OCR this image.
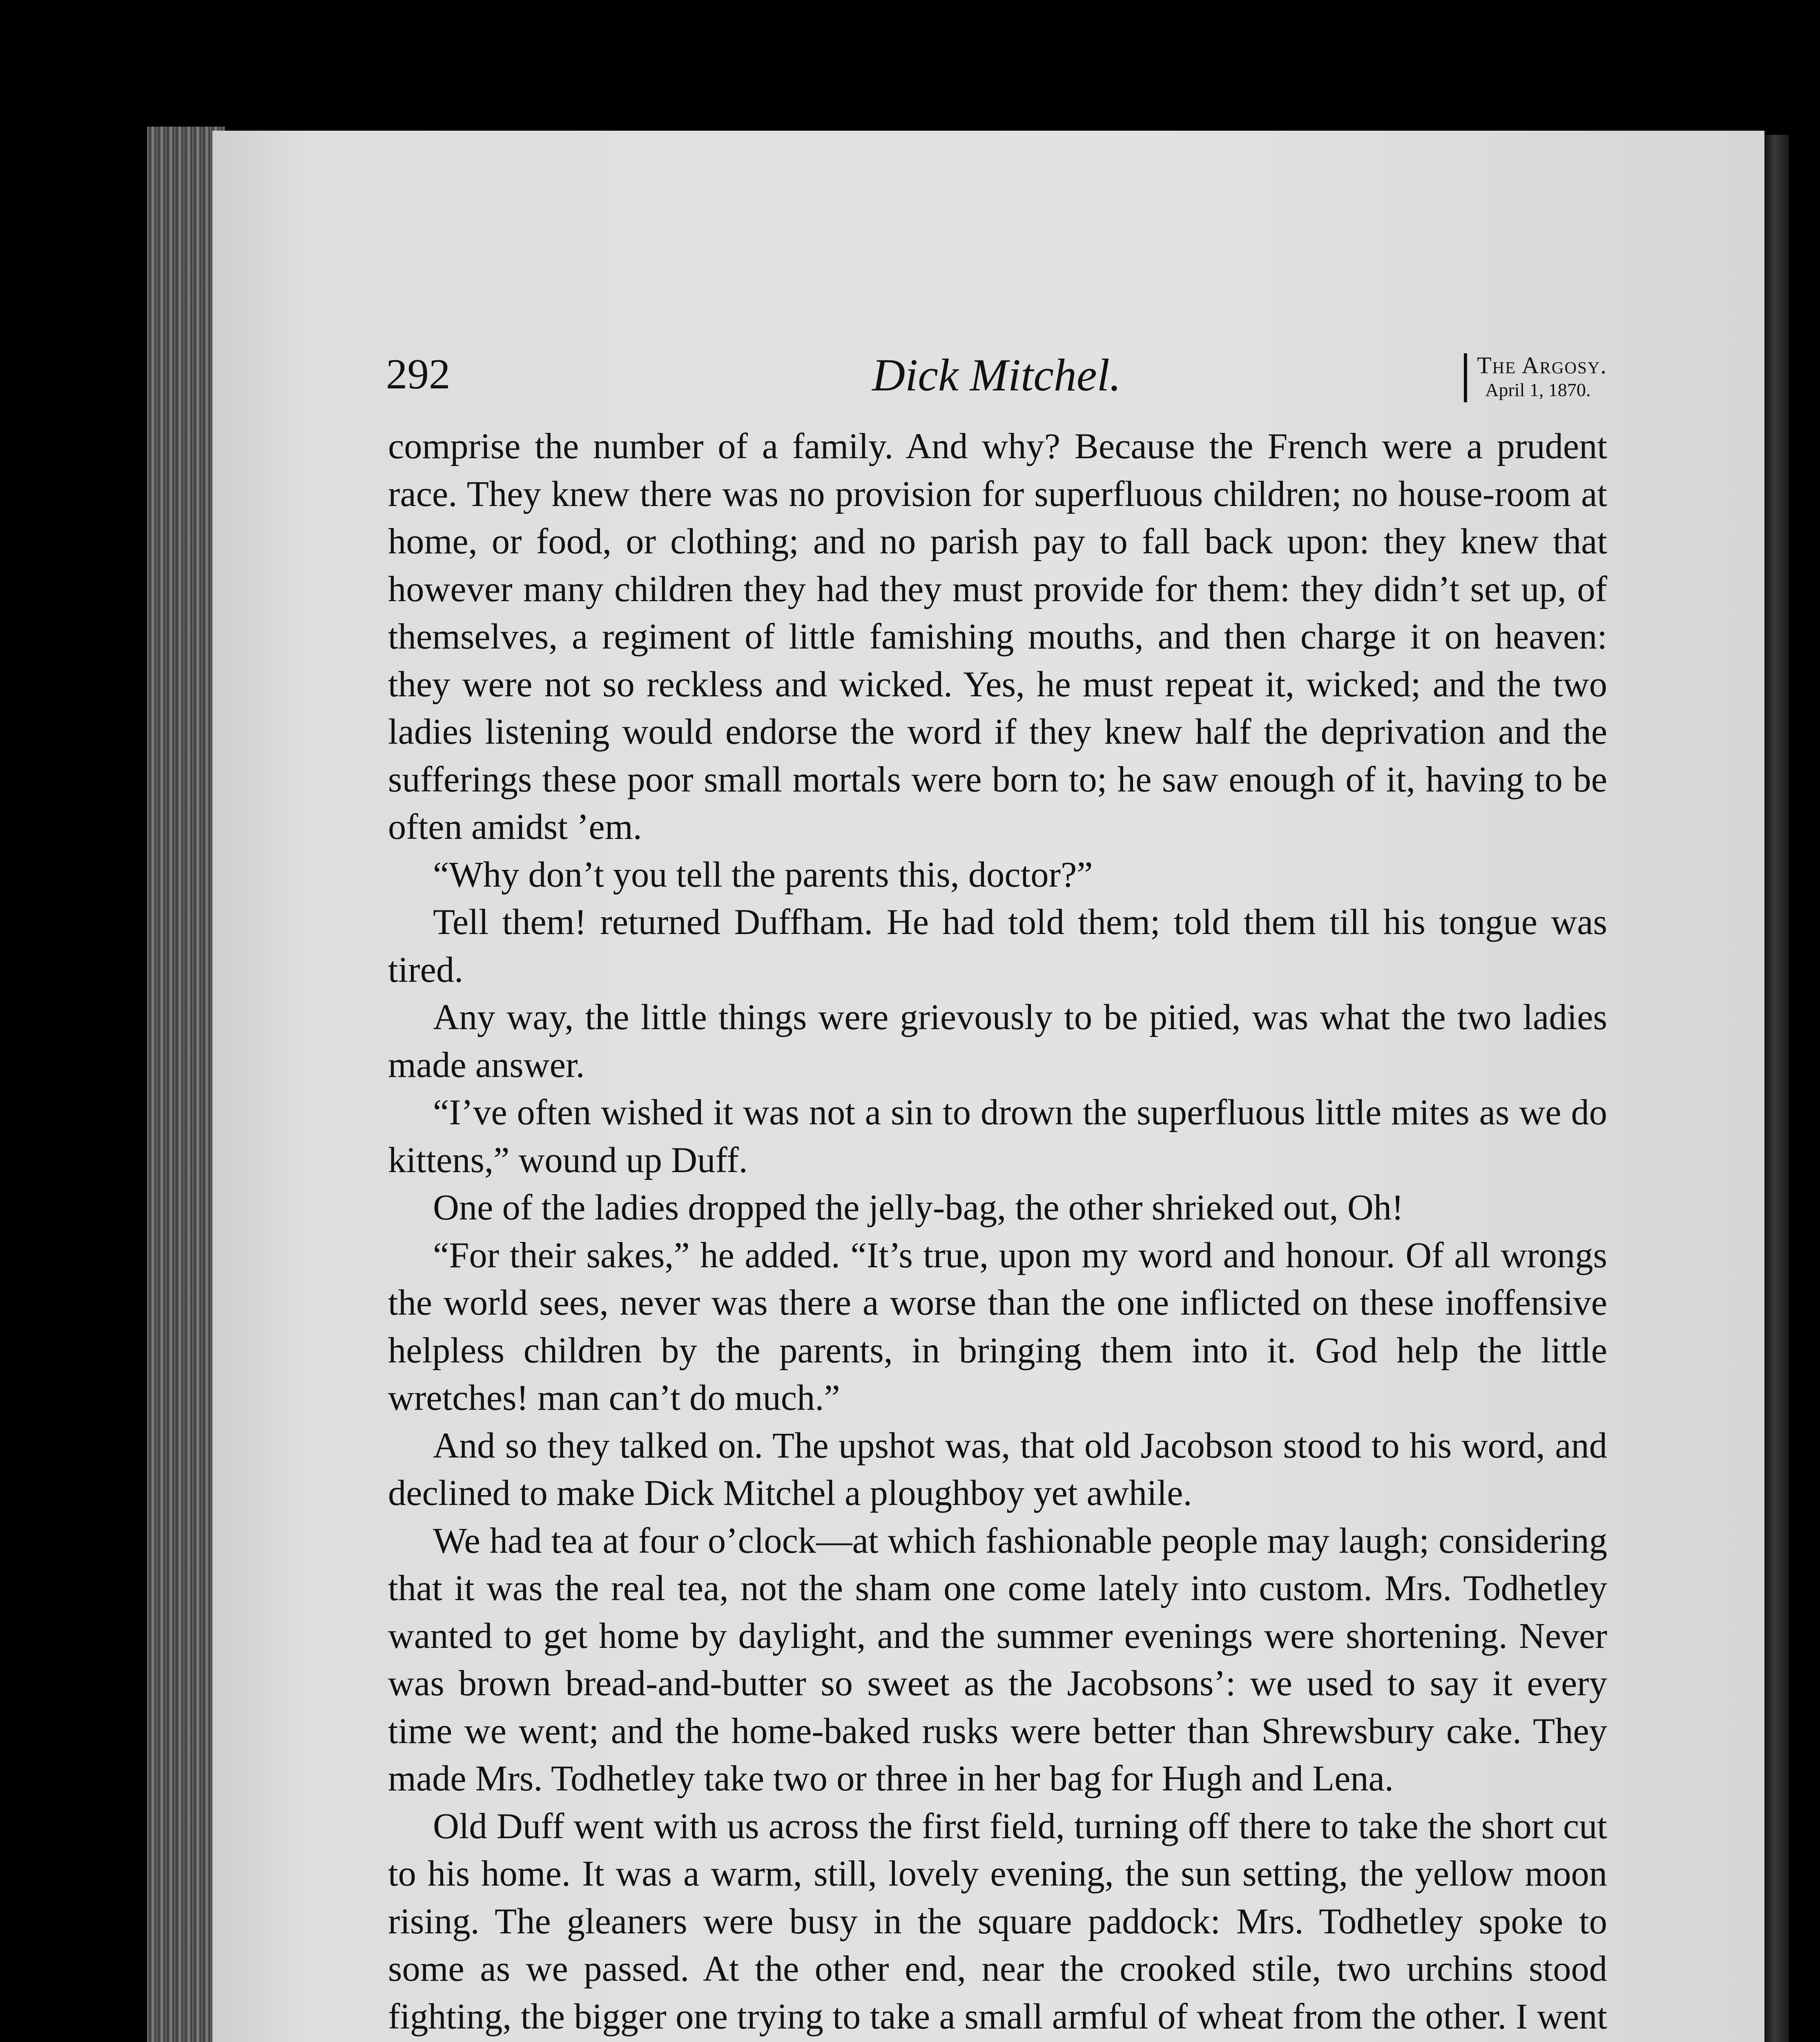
292	Dick Mitchel.	The Argosy.
April 1, 1870.

comprise the number of a family. And why? Because the French were a prudent race. They knew there was no provision for superfluous children; no house-room at home, or food, or clothing; and no parish pay to fall back upon: they knew that however many children they had they must provide for them: they didn’t set up, of themselves, a regiment of little famishing mouths, and then charge it on heaven: they were not so reckless and wicked. Yes, he must repeat it, wicked; and the two ladies listening would endorse the word if they knew half the deprivation and the sufferings these poor small mortals were born to; he saw enough of it, having to be often amidst ’em.

“Why don’t you tell the parents this, doctor?”

Tell them! returned Duffham. He had told them; told them till his tongue was tired.

Any way, the little things were grievously to be pitied, was what the two ladies made answer.

“I’ve often wished it was not a sin to drown the superfluous little mites as we do kittens,” wound up Duff.

One of the ladies dropped the jelly-bag, the other shrieked out, Oh!

“For their sakes,” he added. “It’s true, upon my word and honour. Of all wrongs the world sees, never was there a worse than the one inflicted on these inoffensive helpless children by the parents, in bringing them into it. God help the little wretches! man can’t do much.”

And so they talked on. The upshot was, that old Jacobson stood to his word, and declined to make Dick Mitchel a ploughboy yet awhile.

We had tea at four o’clock—at which fashionable people may laugh; considering that it was the real tea, not the sham one come lately into custom. Mrs. Todhetley wanted to get home by daylight, and the summer evenings were shortening. Never was brown bread-and-butter so sweet as the Jacobsons’: we used to say it every time we went; and the home-baked rusks were better than Shrewsbury cake. They made Mrs. Todhetley take two or three in her bag for Hugh and Lena.

Old Duff went with us across the first field, turning off there to take the short cut to his home. It was a warm, still, lovely evening, the sun setting, the yellow moon rising. The gleaners were busy in the square paddock: Mrs. Todhetley spoke to some as we passed. At the other end, near the crooked stile, two urchins stood fighting, the bigger one trying to take a small armful of wheat from the other. I went
